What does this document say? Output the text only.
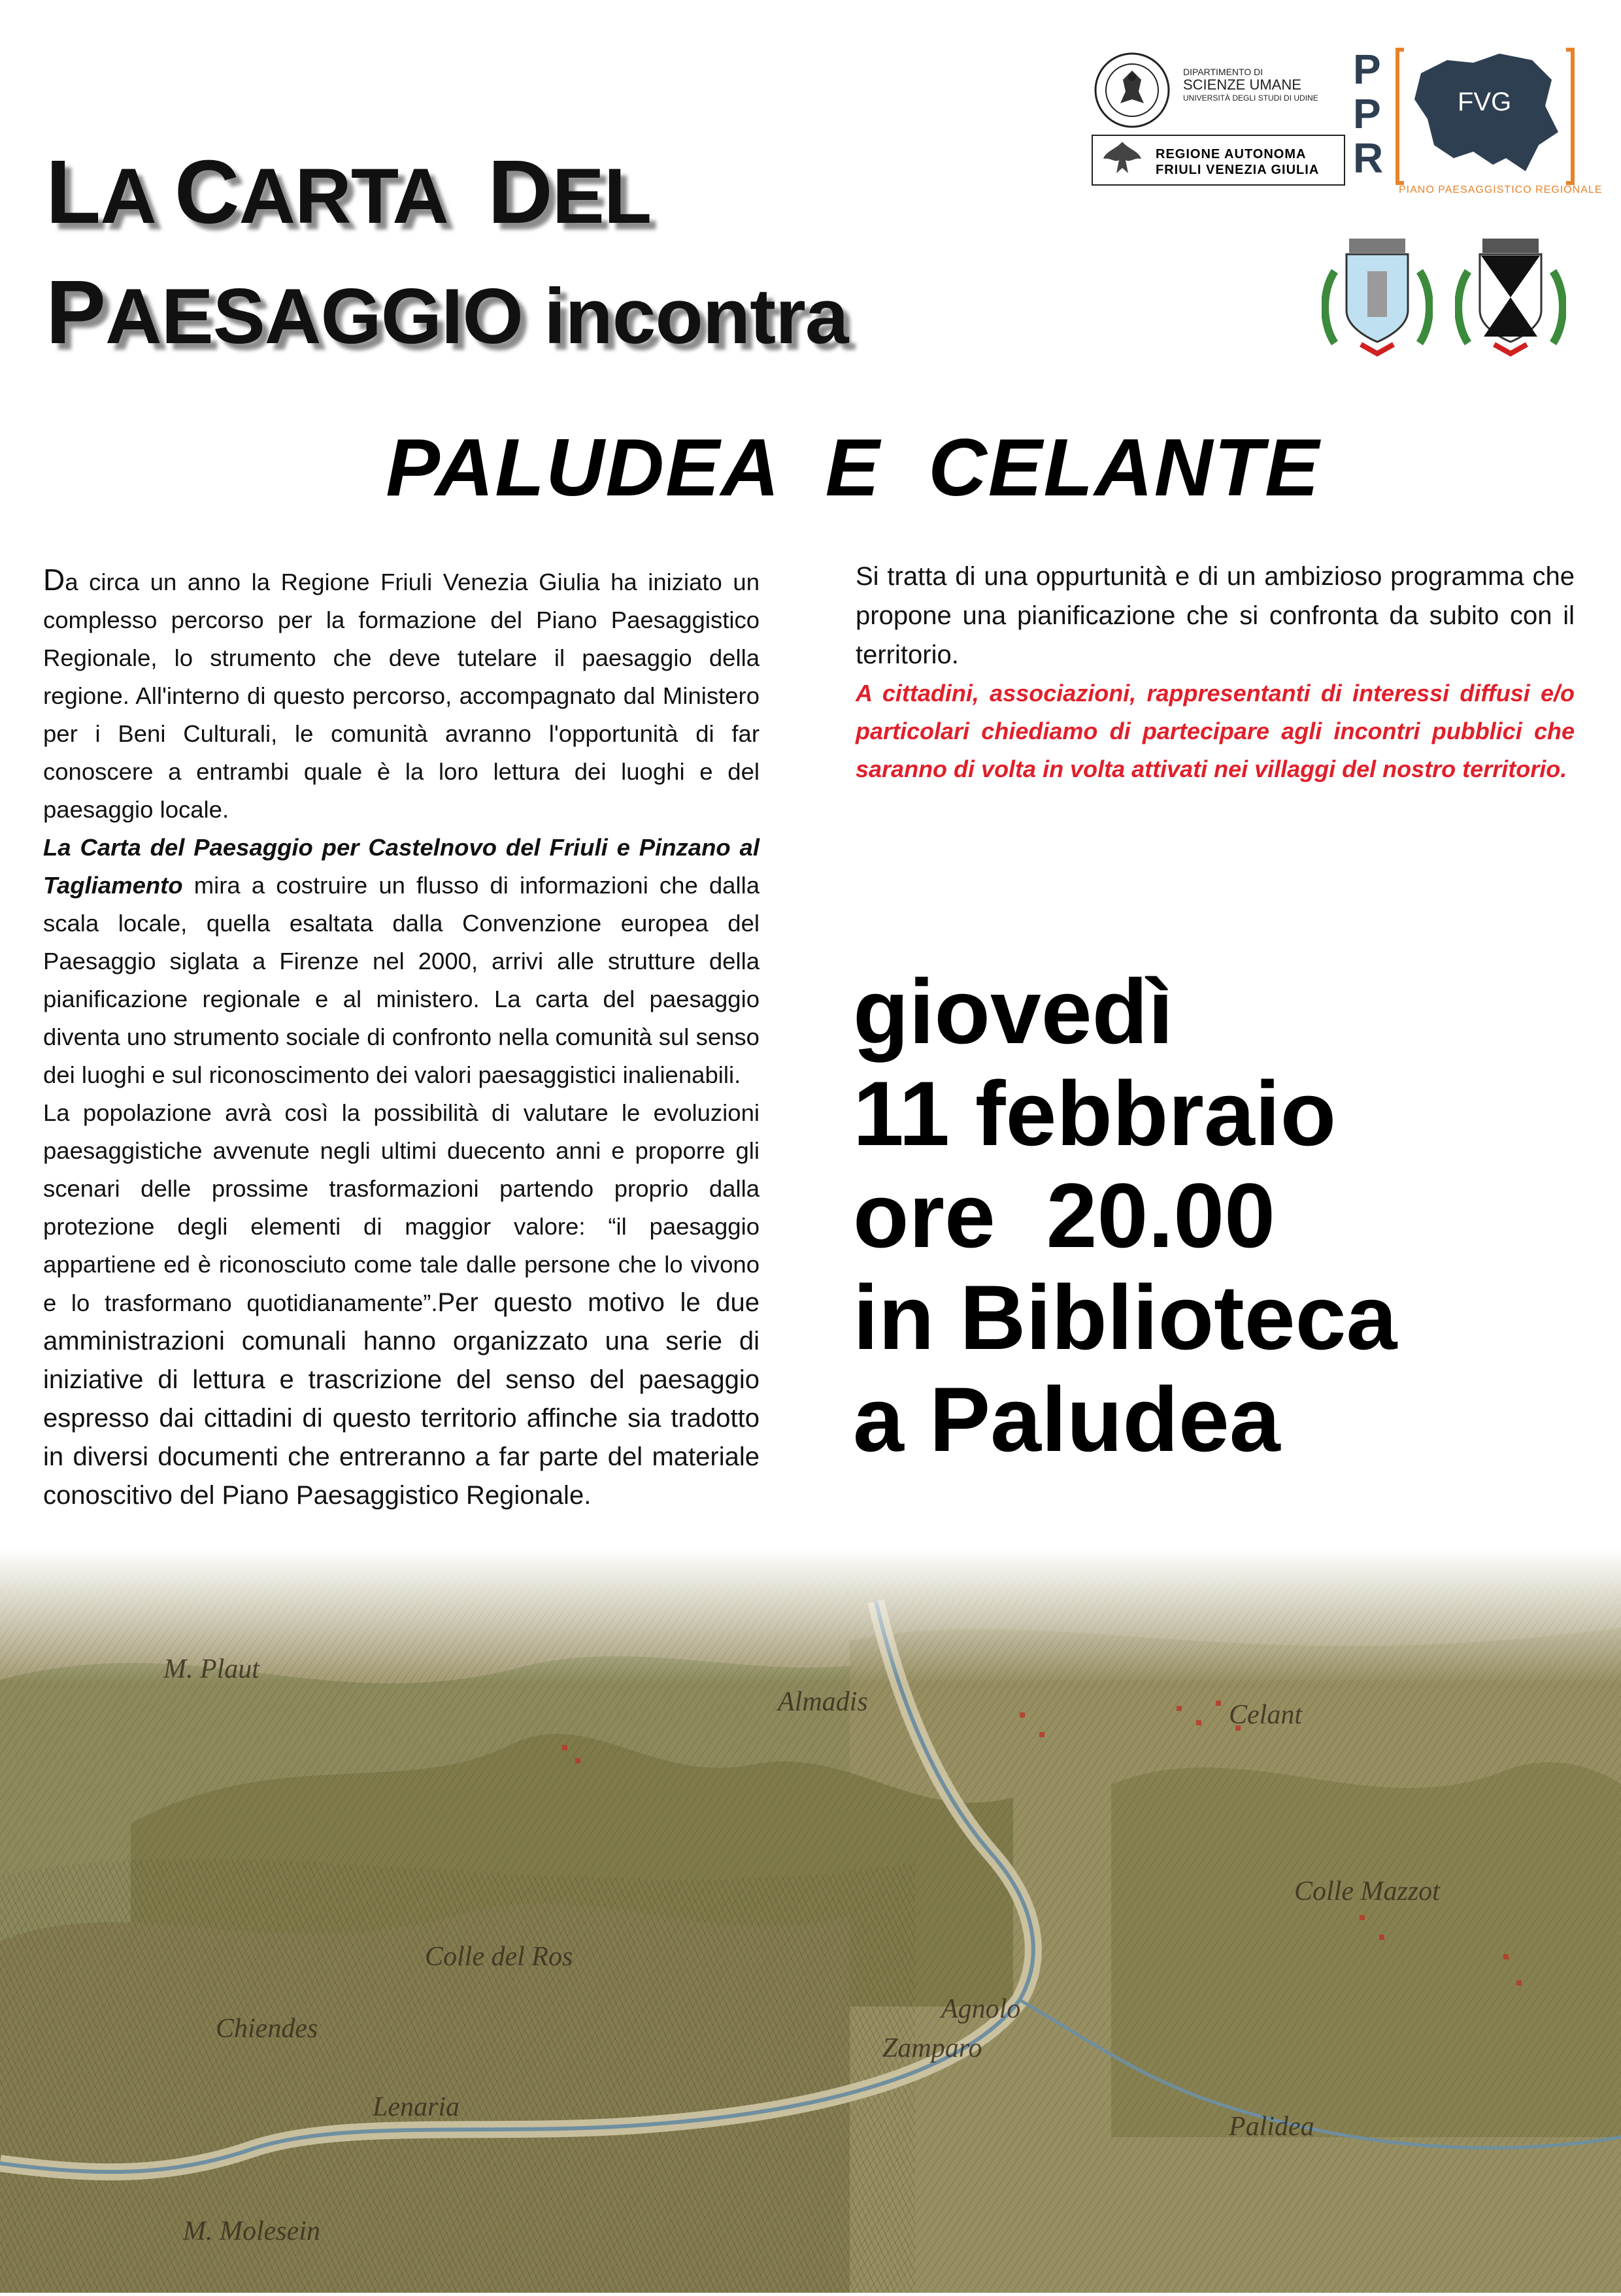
LA CARTA  DEL
PAESAGGIO incontra
PALUDEA  E  CELANTE
DIPARTIMENTO DI
SCIENZE UMANE
UNIVERSITÀ DEGLI STUDI DI UDINE
REGIONE AUTONOMA
FRIULI VENEZIA GIULIA
P
P
R
FVG
PIANO PAESAGGISTICO REGIONALE

Da circa un anno la Regione Friuli Venezia Giulia ha iniziato un complesso percorso per la formazione del Piano Paesaggistico Regionale, lo strumento che deve tutelare il paesaggio della regione. All'interno di questo percorso, accompagnato dal Ministero per i Beni Culturali, le comunità avranno l'opportunità di far conoscere a entrambi quale è la loro lettura dei luoghi e del paesaggio locale.

La Carta del Paesaggio per Castelnovo del Friuli e Pinzano al Tagliamento mira a costruire un flusso di informazioni che dalla scala locale, quella esaltata dalla Convenzione europea del Paesaggio siglata a Firenze nel 2000, arrivi alle strutture della pianificazione regionale e al ministero. La carta del paesaggio diventa uno strumento sociale di confronto nella comunità sul senso dei luoghi e sul riconoscimento dei valori paesaggistici inalienabili.

La popolazione avrà così la possibilità di valutare le evoluzioni paesaggistiche avvenute negli ultimi duecento anni e proporre gli scenari delle prossime trasformazioni partendo proprio dalla protezione degli elementi di maggior valore: “il paesaggio appartiene ed è riconosciuto come tale dalle persone che lo vivono e lo trasformano quotidianamente”.Per questo motivo le due amministrazioni comunali hanno organizzato una serie di iniziative di lettura e trascrizione del senso del paesaggio espresso dai cittadini di questo territorio affinche sia tradotto in diversi documenti che entreranno a far parte del materiale conoscitivo del Piano Paesaggistico Regionale.

Si tratta di una oppurtunità e di un ambizioso programma che propone una pianificazione che si confronta da subito con il territorio.

A cittadini, associazioni, rappresentanti di interessi diffusi e/o particolari chiediamo di partecipare agli incontri pubblici che saranno di volta in volta attivati nei villaggi del nostro territorio.

giovedì
11 febbraio
ore  20.00
in Biblioteca
a Paludea
M. Plaut
Almadis	Celant
Colle Mazzot
Lenaria
Agnolo
Zamparo
Colle del Ros
Chiendes
Palidea
M. Molesein
